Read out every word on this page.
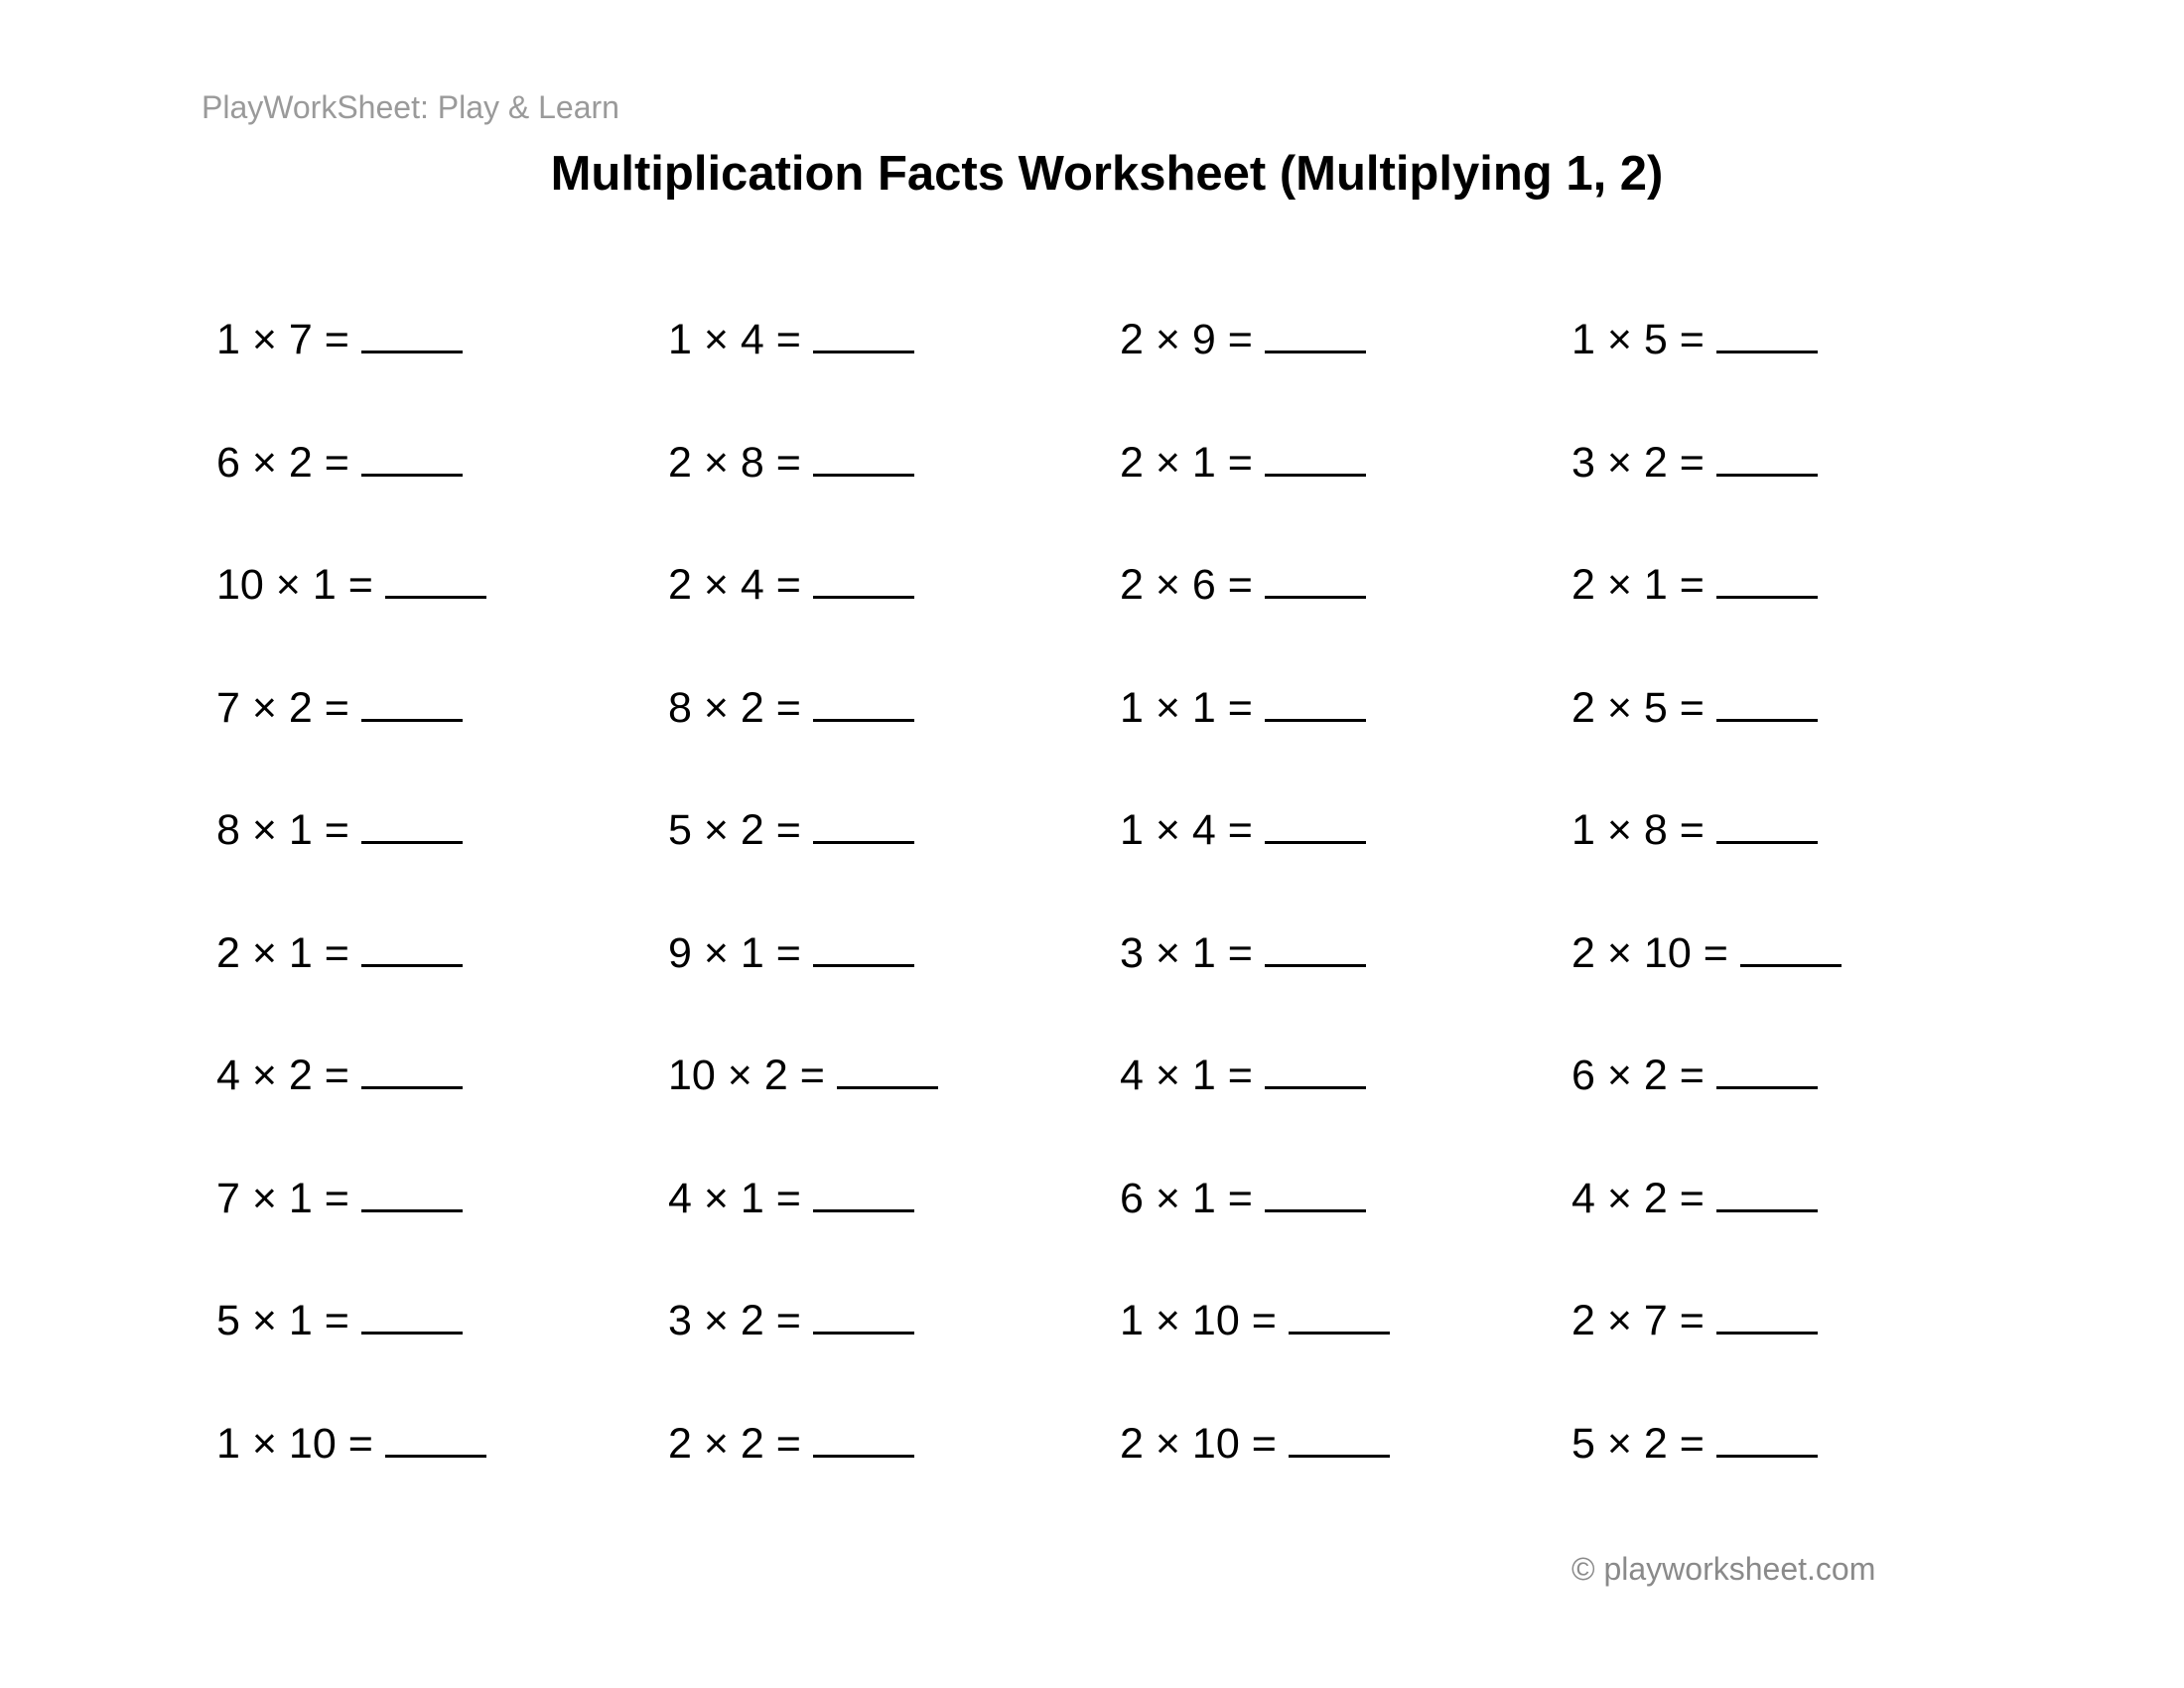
PlayWorkSheet: Play & Learn
Multiplication Facts Worksheet (Multiplying 1, 2)
1 × 7 =	1 × 4 =	2 × 9 =	1 × 5 =
6 × 2 =	2 × 8 =	2 × 1 =	3 × 2 =
10 × 1 =	2 × 4 =	2 × 6 =	2 × 1 =
7 × 2 =	8 × 2 =	1 × 1 =	2 × 5 =
8 × 1 =	5 × 2 =	1 × 4 =	1 × 8 =
2 × 1 =	9 × 1 =	3 × 1 =	2 × 10 =
4 × 2 =	10 × 2 =	4 × 1 =	6 × 2 =
7 × 1 =	4 × 1 =	6 × 1 =	4 × 2 =
5 × 1 =	3 × 2 =	1 × 10 =	2 × 7 =
1 × 10 =	2 × 2 =	2 × 10 =	5 × 2 =
© playworksheet.com
